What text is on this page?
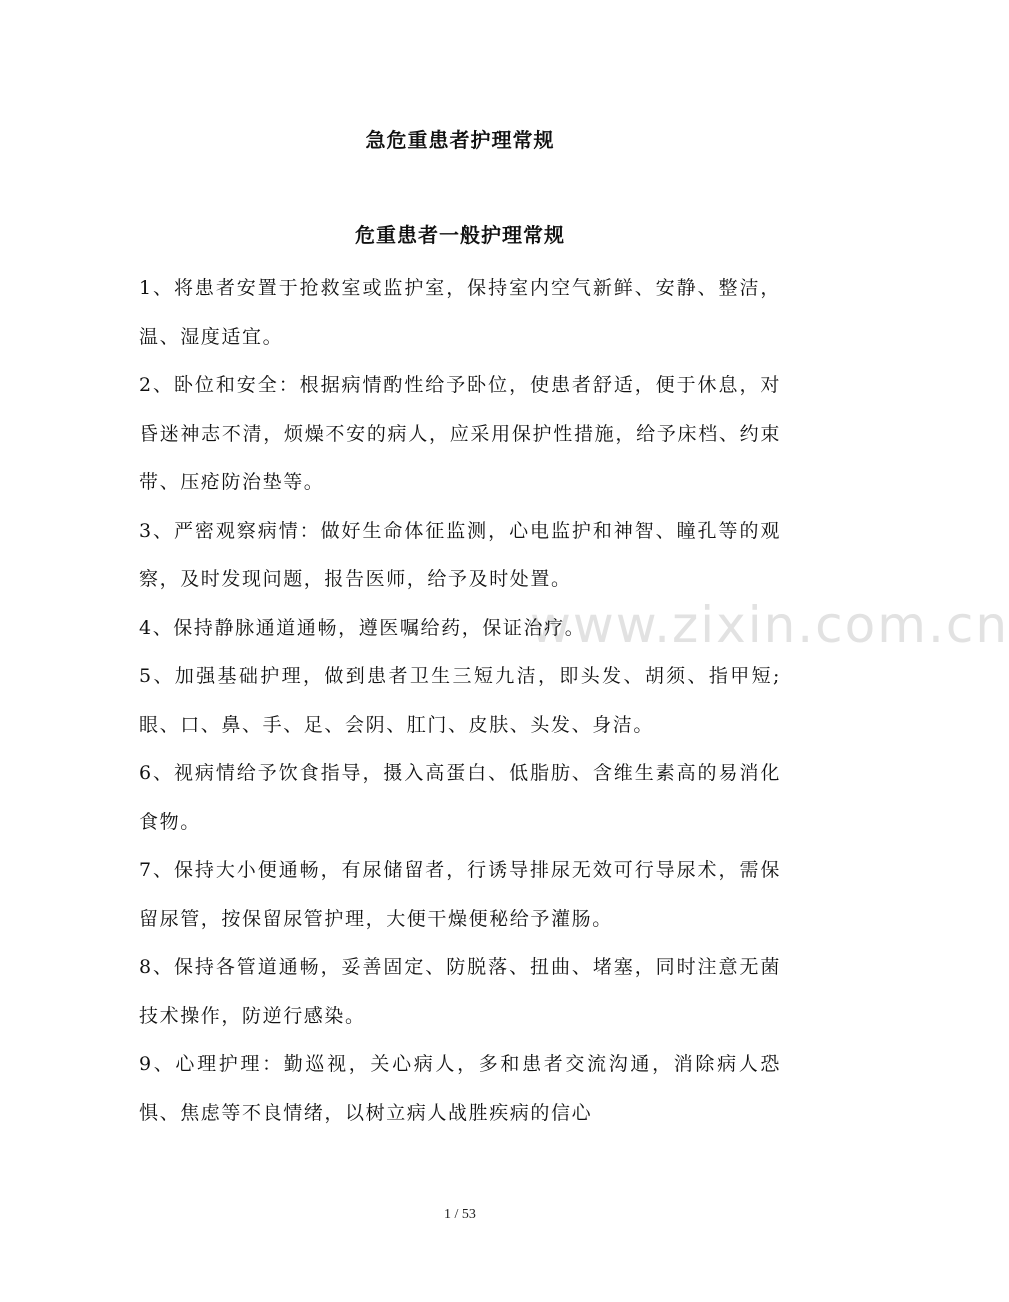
www.zixin.com.cn
急危重患者护理常规
危重患者一般护理常规

1、将患者安置于抢救室或监护室，保持室内空气新鲜、安静、整洁，温、湿度适宜。

2、卧位和安全：根据病情酌性给予卧位，使患者舒适，便于休息，对昏迷神志不清，烦燥不安的病人，应采用保护性措施，给予床档、约束带、压疮防治垫等。

3、严密观察病情：做好生命体征监测，心电监护和神智、瞳孔等的观察，及时发现问题，报告医师，给予及时处置。

4、保持静脉通道通畅，遵医嘱给药，保证治疗。

5、加强基础护理，做到患者卫生三短九洁，即头发、胡须、指甲短;眼、口、鼻、手、足、会阴、肛门、皮肤、头发、身洁。

6、视病情给予饮食指导，摄入高蛋白、低脂肪、含维生素高的易消化食物。

7、保持大小便通畅，有尿储留者，行诱导排尿无效可行导尿术，需保留尿管，按保留尿管护理，大便干燥便秘给予灌肠。

8、保持各管道通畅，妥善固定、防脱落、扭曲、堵塞，同时注意无菌技术操作，防逆行感染。

9、心理护理：勤巡视，关心病人，多和患者交流沟通，消除病人恐惧、焦虑等不良情绪，以树立病人战胜疾病的信心

1 / 53
